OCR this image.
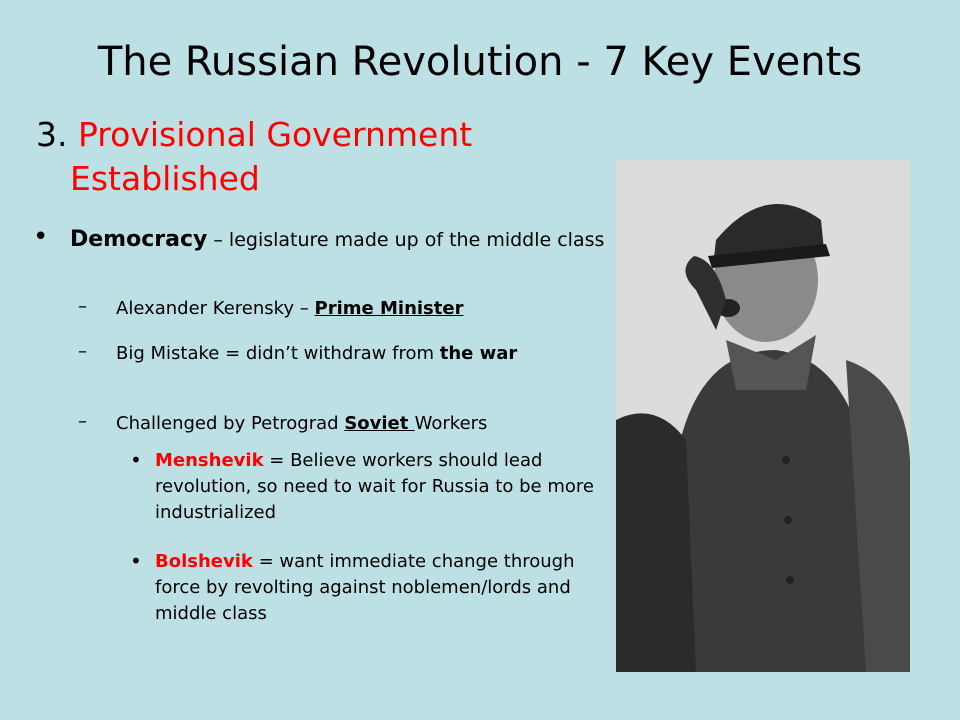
The Russian Revolution - 7 Key Events
3. Provisional Government
Established
• Democracy – legislature made up of the middle class
– Alexander Kerensky – Prime Minister
– Big Mistake = didn’t withdraw from the war
– Challenged by Petrograd Soviet Workers
• Menshevik = Believe workers should lead revolution, so need to wait for Russia to be more industrialized
• Bolshevik = want immediate change through force by revolting against noblemen/lords and middle class
